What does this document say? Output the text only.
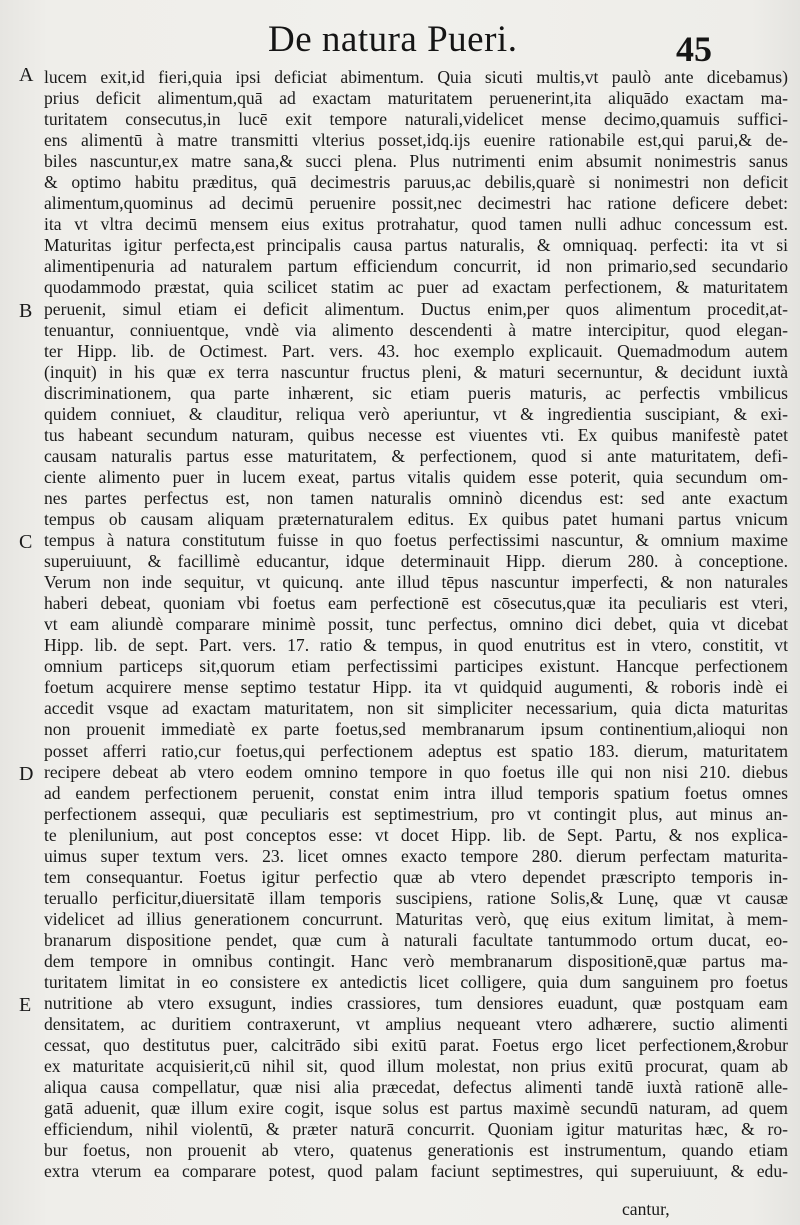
De natura Pueri.	45
A
B
C
D
E
lucem exit,id fieri,quia ipsi deficiat abimentum. Quia sicuti multis,vt paulò ante dicebamus)
prius deficit alimentum,quā ad exactam maturitatem peruenerint,ita aliquādo exactam ma-
turitatem consecutus,in lucē exit tempore naturali,videlicet mense decimo,quamuis suffici-
ens alimentū à matre transmitti vlterius posset,idq.ijs euenire rationabile est,qui parui,& de-
biles nascuntur,ex matre sana,& succi plena. Plus nutrimenti enim absumit nonimestris sanus
& optimo habitu præditus, quā decimestris paruus,ac debilis,quarè si nonimestri non deficit
alimentum,quominus ad decimū peruenire possit,nec decimestri hac ratione deficere debet:
ita vt vltra decimū mensem eius exitus protrahatur, quod tamen nulli adhuc concessum est.
Maturitas igitur perfecta,est principalis causa partus naturalis, & omniquaq. perfecti: ita vt si
alimentipenuria ad naturalem partum efficiendum concurrit, id non primario,sed secundario
quodammodo præstat, quia scilicet statim ac puer ad exactam perfectionem, & maturitatem
peruenit, simul etiam ei deficit alimentum. Ductus enim,per quos alimentum procedit,at-
tenuantur, conniuentque, vndè via alimento descendenti à matre intercipitur, quod elegan-
ter Hipp. lib. de Octimest. Part. vers. 43. hoc exemplo explicauit. Quemadmodum autem
(inquit) in his quæ ex terra nascuntur fructus pleni, & maturi secernuntur, & decidunt iuxtà
discriminationem, qua parte inhærent, sic etiam pueris maturis, ac perfectis vmbilicus
quidem conniuet, & clauditur, reliqua verò aperiuntur, vt & ingredientia suscipiant, & exi-
tus habeant secundum naturam, quibus necesse est viuentes vti. Ex quibus manifestè patet
causam naturalis partus esse maturitatem, & perfectionem, quod si ante maturitatem, defi-
ciente alimento puer in lucem exeat, partus vitalis quidem esse poterit, quia secundum om-
nes partes perfectus est, non tamen naturalis omninò dicendus est: sed ante exactum
tempus ob causam aliquam præternaturalem editus. Ex quibus patet humani partus vnicum
tempus à natura constitutum fuisse in quo foetus perfectissimi nascuntur, & omnium maxime
superuiuunt, & facillimè educantur, idque determinauit Hipp. dierum 280. à conceptione.
Verum non inde sequitur, vt quicunq. ante illud tēpus nascuntur imperfecti, & non naturales
haberi debeat, quoniam vbi foetus eam perfectionē est cōsecutus,quæ ita peculiaris est vteri,
vt eam aliundè comparare minimè possit, tunc perfectus, omnino dici debet, quia vt dicebat
Hipp. lib. de sept. Part. vers. 17. ratio & tempus, in quod enutritus est in vtero, constitit, vt
omnium particeps sit,quorum etiam perfectissimi participes existunt. Hancque perfectionem
foetum acquirere mense septimo testatur Hipp. ita vt quidquid augumenti, & roboris indè ei
accedit vsque ad exactam maturitatem, non sit simpliciter necessarium, quia dicta maturitas
non prouenit immediatè ex parte foetus,sed membranarum ipsum continentium,alioqui non
posset afferri ratio,cur foetus,qui perfectionem adeptus est spatio 183. dierum, maturitatem
recipere debeat ab vtero eodem omnino tempore in quo foetus ille qui non nisi 210. diebus
ad eandem perfectionem peruenit, constat enim intra illud temporis spatium foetus omnes
perfectionem assequi, quæ peculiaris est septimestrium, pro vt contingit plus, aut minus an-
te plenilunium, aut post conceptos esse: vt docet Hipp. lib. de Sept. Partu, & nos explica-
uimus super textum vers. 23. licet omnes exacto tempore 280. dierum perfectam maturita-
tem consequantur. Foetus igitur perfectio quæ ab vtero dependet præscripto temporis in-
teruallo perficitur,diuersitatē illam temporis suscipiens, ratione Solis,& Lunę, quæ vt causæ
videlicet ad illius generationem concurrunt. Maturitas verò, quę eius exitum limitat, à mem-
branarum dispositione pendet, quæ cum à naturali facultate tantummodo ortum ducat, eo-
dem tempore in omnibus contingit. Hanc verò membranarum dispositionē,quæ partus ma-
turitatem limitat in eo consistere ex antedictis licet colligere, quia dum sanguinem pro foetus
nutritione ab vtero exsugunt, indies crassiores, tum densiores euadunt, quæ postquam eam
densitatem, ac duritiem contraxerunt, vt amplius nequeant vtero adhærere, suctio alimenti
cessat, quo destitutus puer, calcitrādo sibi exitū parat. Foetus ergo licet perfectionem,&robur
ex maturitate acquisierit,cū nihil sit, quod illum molestat, non prius exitū procurat, quam ab
aliqua causa compellatur, quæ nisi alia præcedat, defectus alimenti tandē iuxtà rationē alle-
gatā aduenit, quæ illum exire cogit, isque solus est partus maximè secundū naturam, ad quem
efficiendum, nihil violentū, & præter naturā concurrit. Quoniam igitur maturitas hæc, & ro-
bur foetus, non prouenit ab vtero, quatenus generationis est instrumentum, quando etiam
extra vterum ea comparare potest, quod palam faciunt septimestres, qui superuiuunt, & edu-
cantur,
